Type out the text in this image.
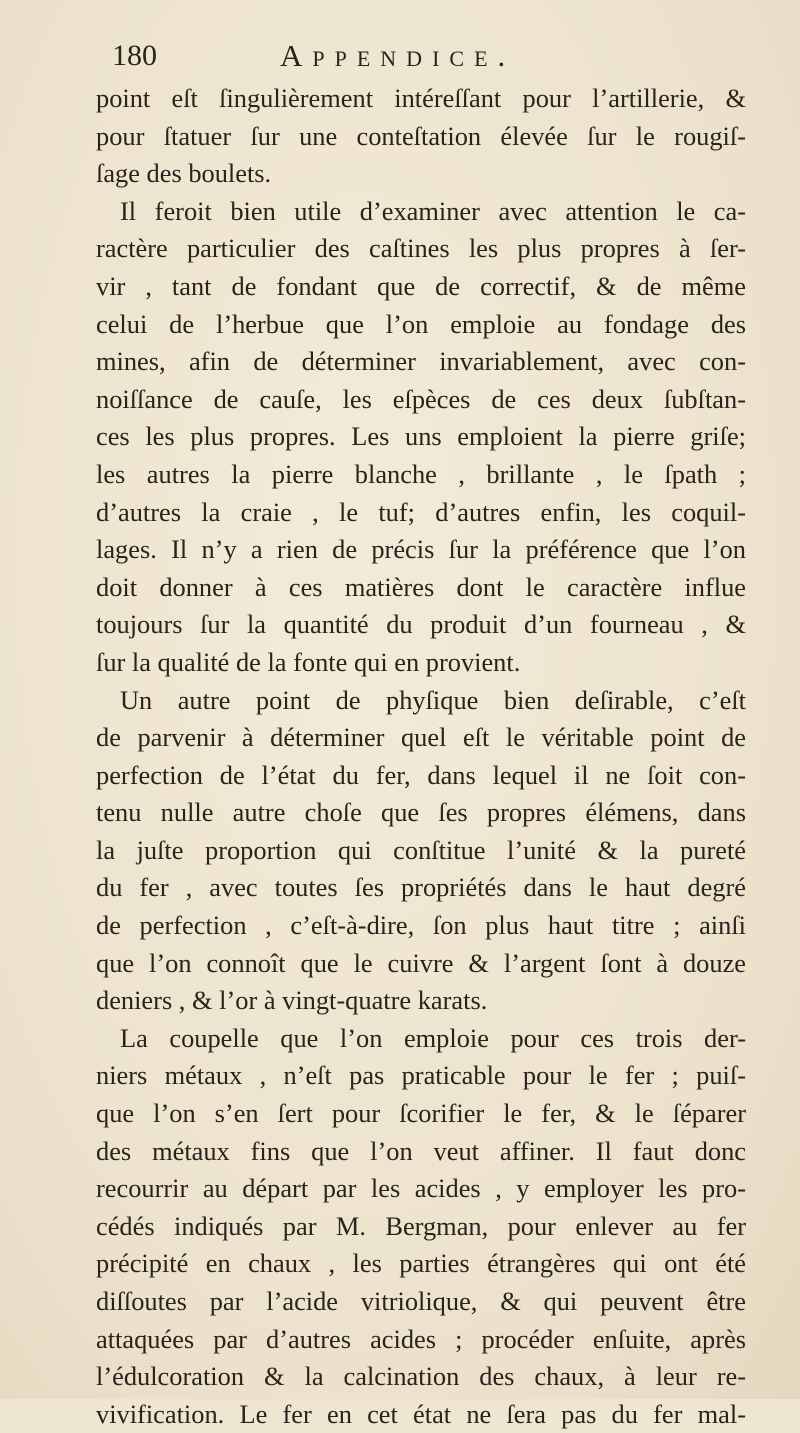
180	Appendice.
point eſt ſingulièrement intéreſſant pour l’artillerie, &
pour ſtatuer ſur une conteſtation élevée ſur le rougiſ-
ſage des boulets.
Il feroit bien utile d’examiner avec attention le ca-
ractère particulier des caſtines les plus propres à ſer-
vir , tant de fondant que de correctif, & de même
celui de l’herbue que l’on emploie au fondage des
mines, afin de déterminer invariablement, avec con-
noiſſance de cauſe, les eſpèces de ces deux ſubſtan-
ces les plus propres. Les uns emploient la pierre griſe;
les autres la pierre blanche , brillante , le ſpath ;
d’autres la craie , le tuf; d’autres enfin, les coquil-
lages. Il n’y a rien de précis ſur la préférence que l’on
doit donner à ces matières dont le caractère influe
toujours ſur la quantité du produit d’un fourneau , &
ſur la qualité de la fonte qui en provient.
Un autre point de phyſique bien deſirable, c’eſt
de parvenir à déterminer quel eſt le véritable point de
perfection de l’état du fer, dans lequel il ne ſoit con-
tenu nulle autre choſe que ſes propres élémens, dans
la juſte proportion qui conſtitue l’unité & la pureté
du fer , avec toutes ſes propriétés dans le haut degré
de perfection , c’eſt-à-dire, ſon plus haut titre ; ainſi
que l’on connoît que le cuivre & l’argent ſont à douze
deniers , & l’or à vingt-quatre karats.
La coupelle que l’on emploie pour ces trois der-
niers métaux , n’eſt pas praticable pour le fer ; puiſ-
que l’on s’en ſert pour ſcorifier le fer, & le ſéparer
des métaux fins que l’on veut affiner. Il faut donc
recourrir au départ par les acides , y employer les pro-
cédés indiqués par M. Bergman, pour enlever au fer
précipité en chaux , les parties étrangères qui ont été
diſſoutes par l’acide vitriolique, & qui peuvent être
attaquées par d’autres acides ; procéder enſuite, après
l’édulcoration & la calcination des chaux, à leur re-
vivification. Le fer en cet état ne ſera pas du fer mal-
